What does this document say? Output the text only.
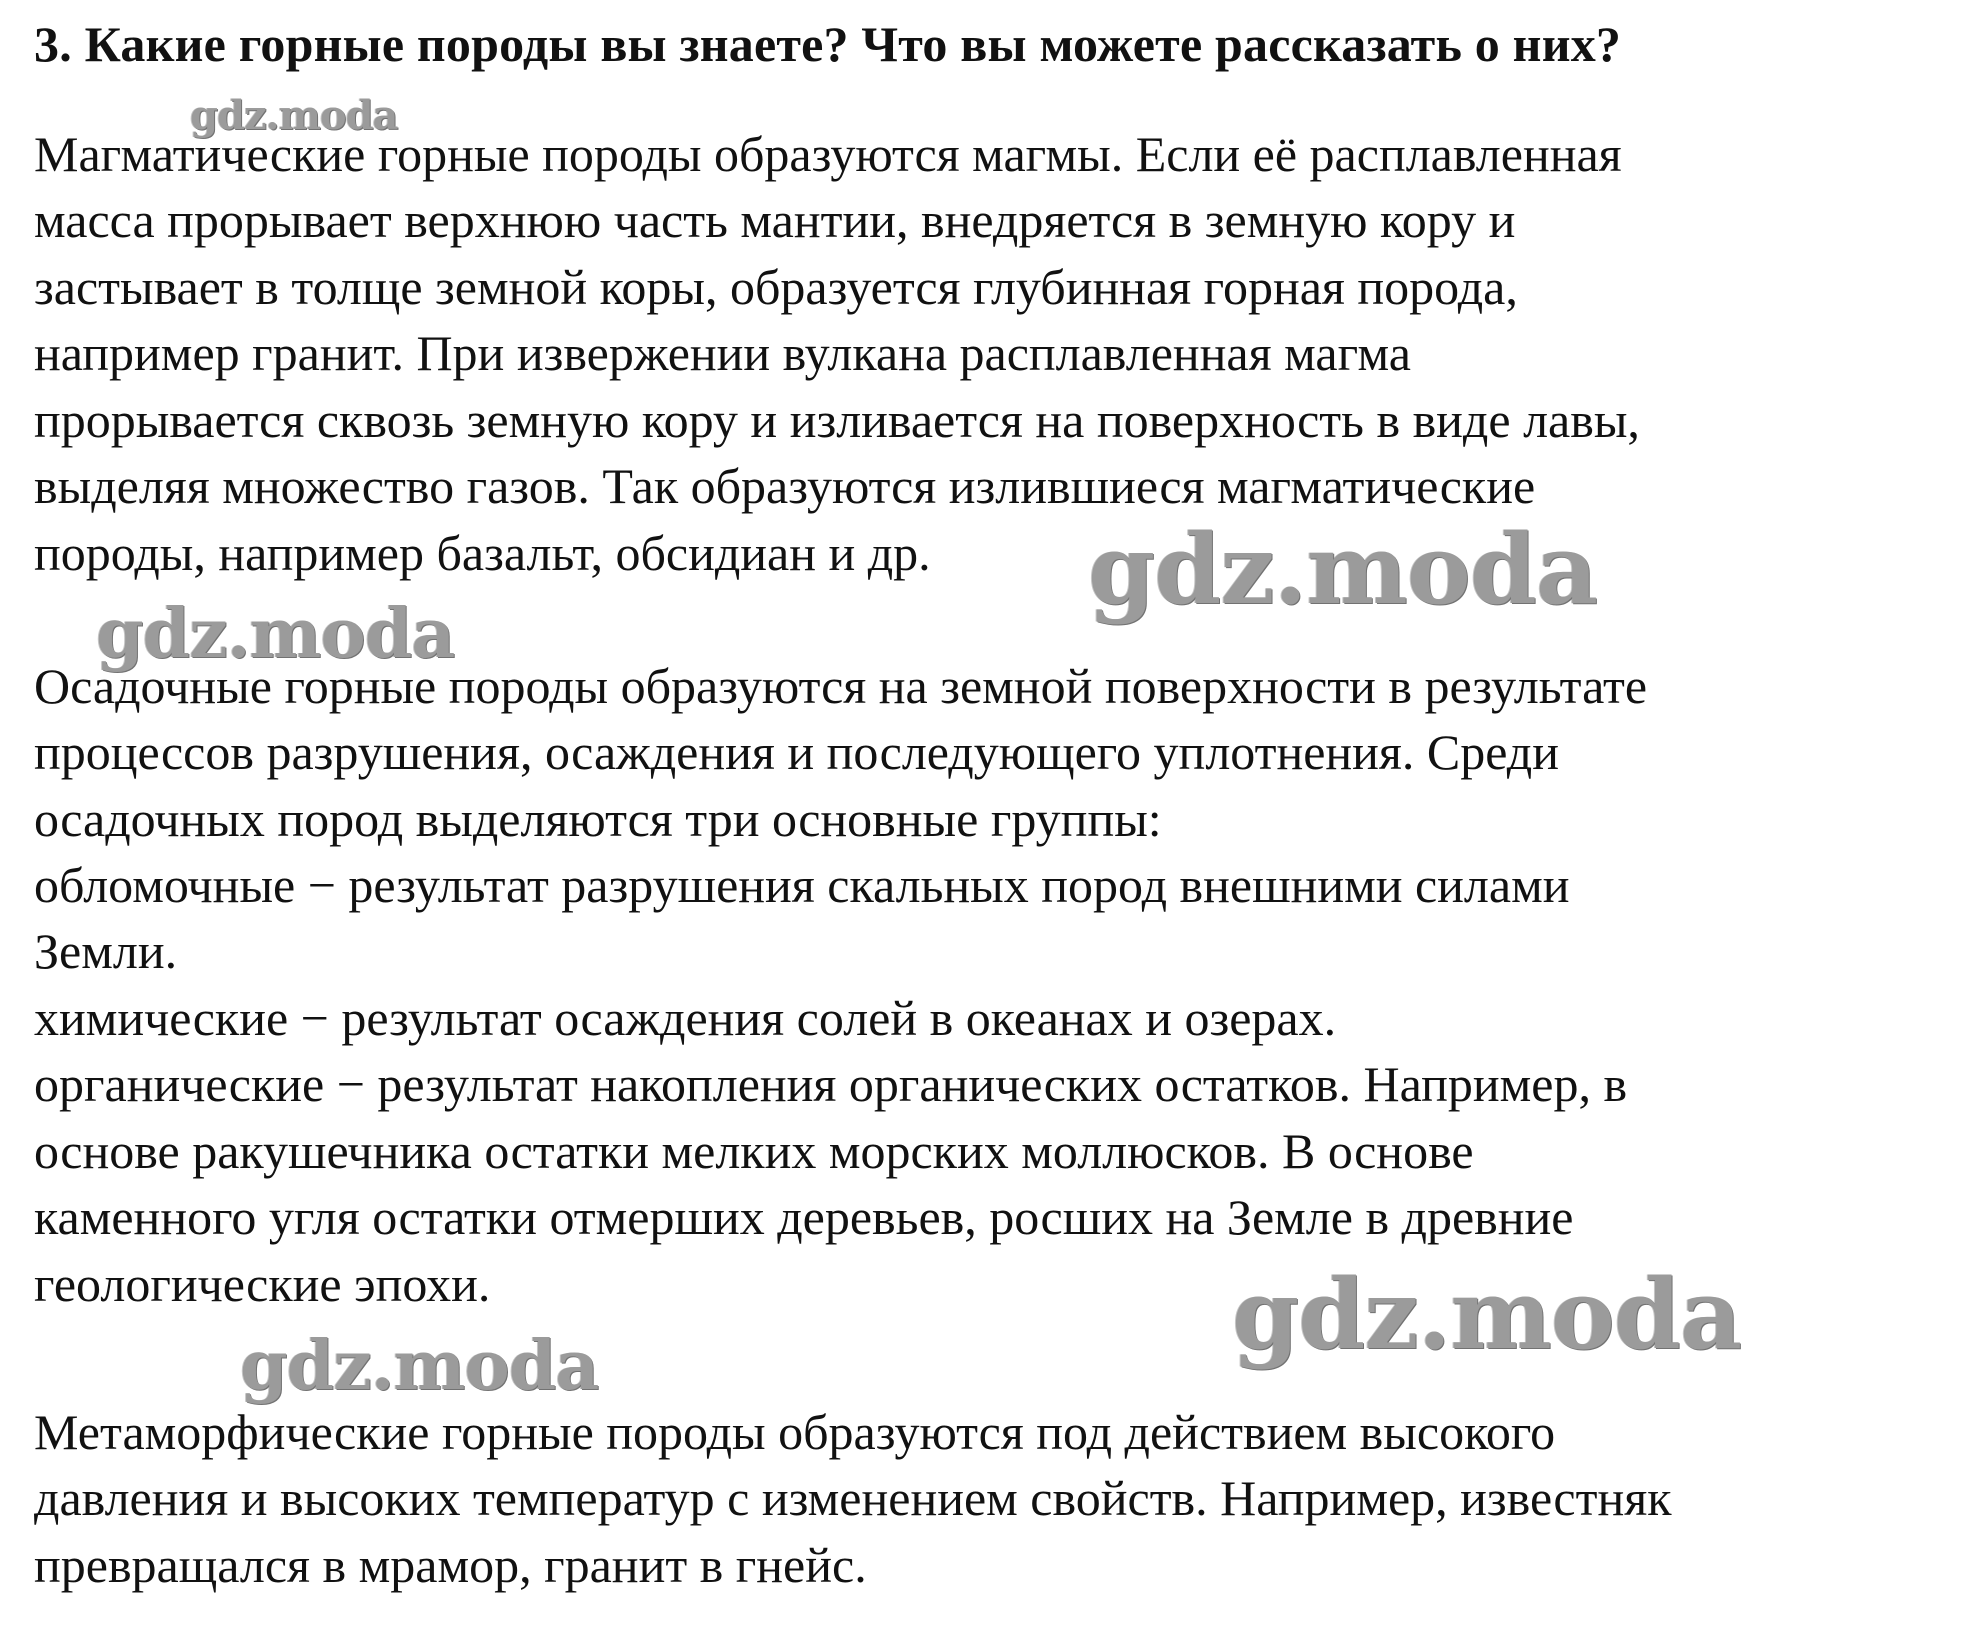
3. Какие горные породы вы знаете? Что вы можете рассказать о них?
Магматические горные породы образуются магмы. Если её расплавленная
масса прорывает верхнюю часть мантии, внедряется в земную кору и
застывает в толще земной коры, образуется глубинная горная порода,
например гранит. При извержении вулкана расплавленная магма
прорывается сквозь земную кору и изливается на поверхность в виде лавы,
выделяя множество газов. Так образуются излившиеся магматические
породы, например базальт, обсидиан и др.
Осадочные горные породы образуются на земной поверхности в результате
процессов разрушения, осаждения и последующего уплотнения. Среди
осадочных пород выделяются три основные группы:
обломочные − результат разрушения скальных пород внешними силами
Земли.
химические − результат осаждения солей в океанах и озерах.
органические − результат накопления органических остатков. Например, в
основе ракушечника остатки мелких морских моллюсков. В основе
каменного угля остатки отмерших деревьев, росших на Земле в древние
геологические эпохи.
Метаморфические горные породы образуются под действием высокого
давления и высоких температур с изменением свойств. Например, известняк
превращался в мрамор, гранит в гнейс.
gdz.moda
gdz.moda
gdz.moda
gdz.moda
gdz.moda
